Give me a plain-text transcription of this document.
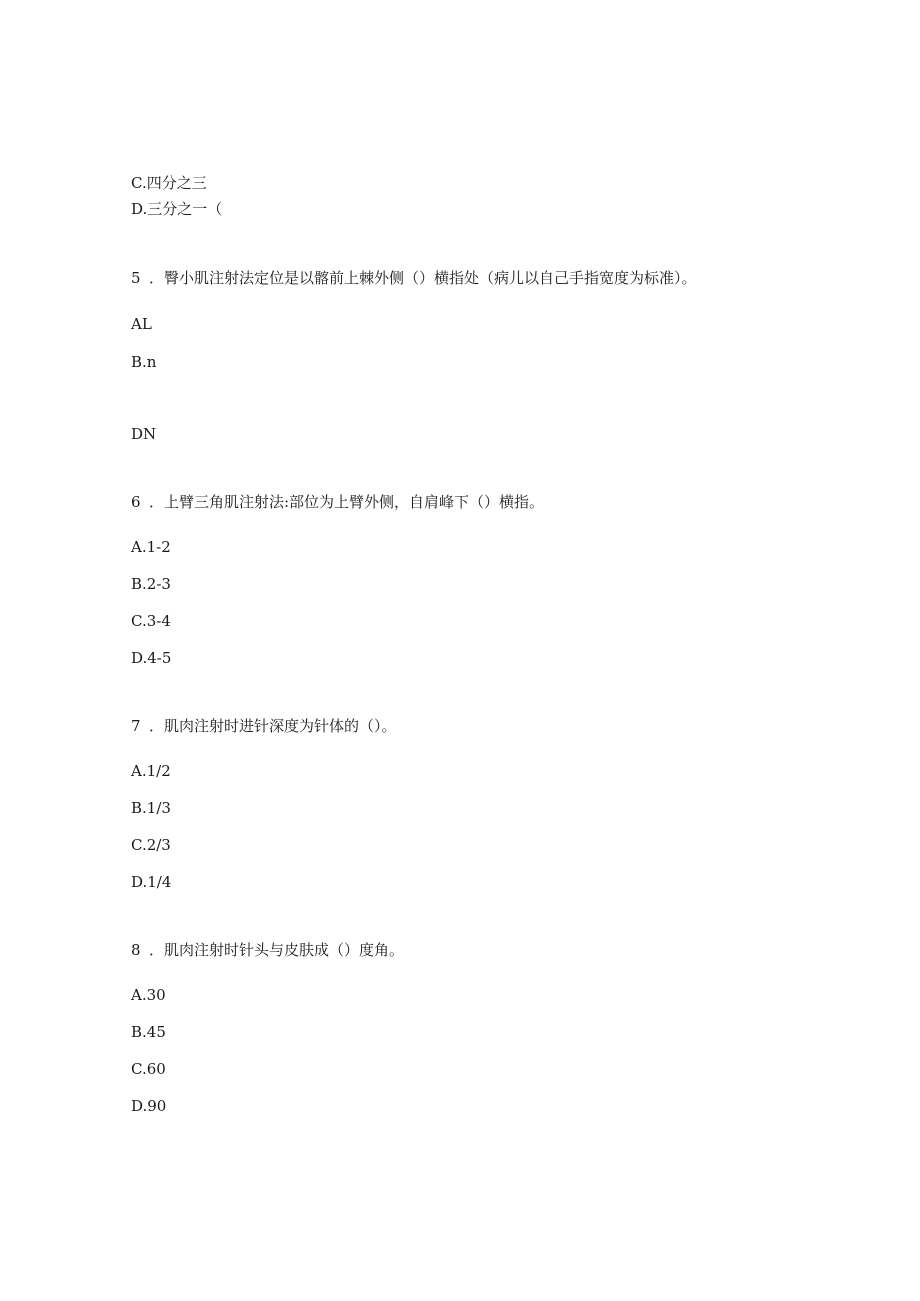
C.四分之三
D.三分之一（
5 ．臀小肌注射法定位是以髂前上棘外侧（）横指处（病儿以自己手指宽度为标准）。
AL
B.n
DN
6 ．上臂三角肌注射法:部位为上臂外侧，自肩峰下（）横指。
A.1-2
B.2-3
C.3-4
D.4-5
7 ．肌肉注射时进针深度为针体的（）。
A.1/2
B.1/3
C.2/3
D.1/4
8 ．肌肉注射时针头与皮肤成（）度角。
A.30
B.45
C.60
D.90
